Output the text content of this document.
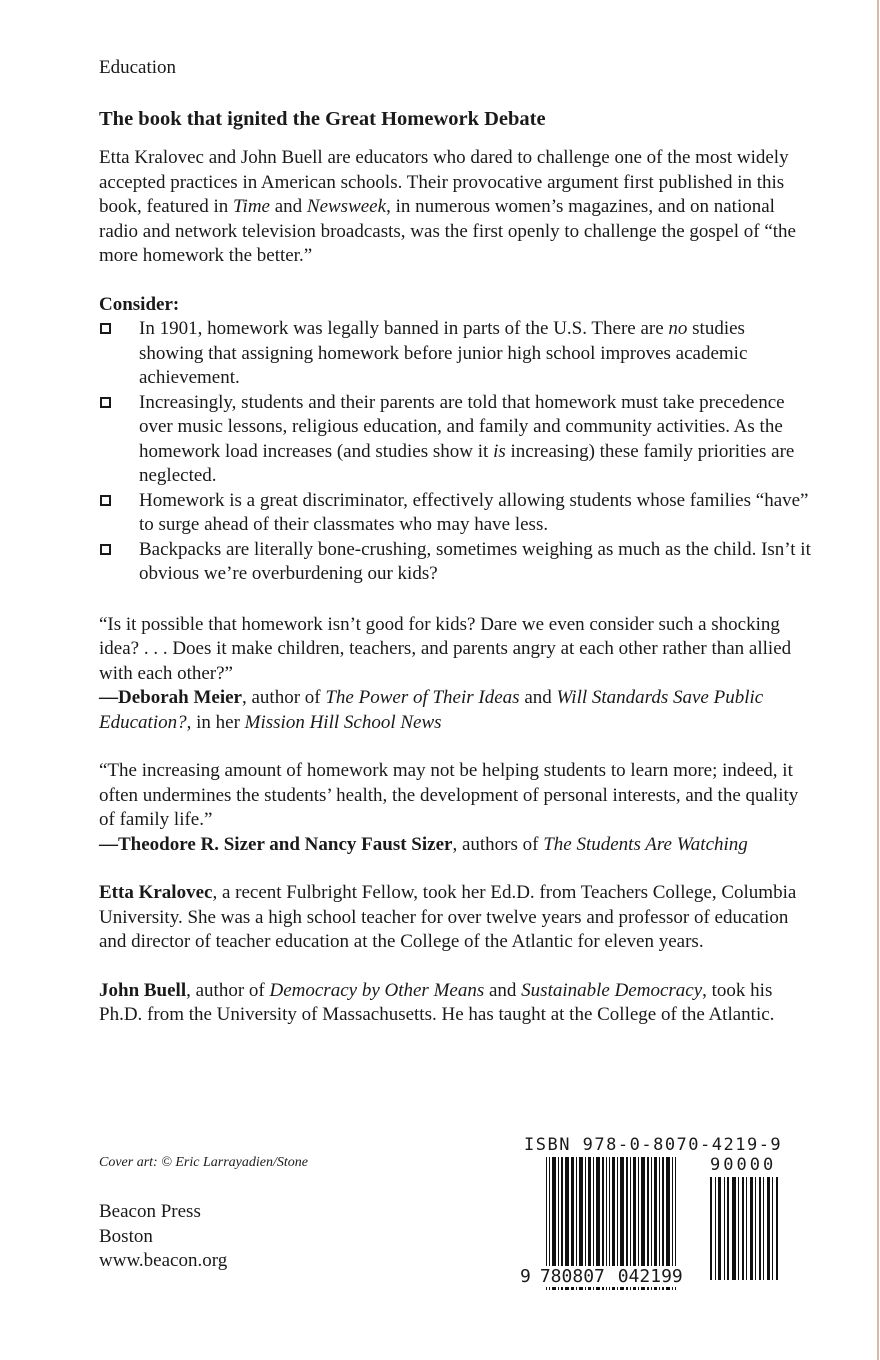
Education
The book that ignited the Great Homework Debate

Etta Kralovec and John Buell are educators who dared to challenge one of the most widely accepted practices in American schools. Their provocative argument first published in this book, featured in Time and Newsweek, in numerous women’s magazines, and on national radio and network television broadcasts, was the first openly to challenge the gospel of “the more homework the better.”

Consider:
In 1901, homework was legally banned in parts of the U.S. There are no studies showing that assigning homework before junior high school improves academic achievement.
Increasingly, students and their parents are told that homework must take precedence over music lessons, religious education, and family and community activities. As the homework load increases (and studies show it is increasing) these family priorities are neglected.
Homework is a great discriminator, effectively allowing students whose families “have” to surge ahead of their classmates who may have less.
Backpacks are literally bone-crushing, sometimes weighing as much as the child. Isn’t it obvious we’re overburdening our kids?

“Is it possible that homework isn’t good for kids? Dare we even consider such a shocking idea? . . . Does it make children, teachers, and parents angry at each other rather than allied with each other?”
—Deborah Meier, author of The Power of Their Ideas and Will Standards Save Public Education?, in her Mission Hill School News

“The increasing amount of homework may not be helping students to learn more; indeed, it often undermines the students’ health, the development of personal interests, and the quality of family life.”
—Theodore R. Sizer and Nancy Faust Sizer, authors of The Students Are Watching

Etta Kralovec, a recent Fulbright Fellow, took her Ed.D. from Teachers College, Columbia University. She was a high school teacher for over twelve years and professor of education and director of teacher education at the College of the Atlantic for eleven years.

John Buell, author of Democracy by Other Means and Sustainable Democracy, took his Ph.D. from the University of Massachusetts. He has taught at the College of the Atlantic.

Cover art: © Eric Larrayadien/Stone
Beacon Press
Boston
www.beacon.org
ISBN 978-0-8070-4219-9
90000
9 780807 042199
